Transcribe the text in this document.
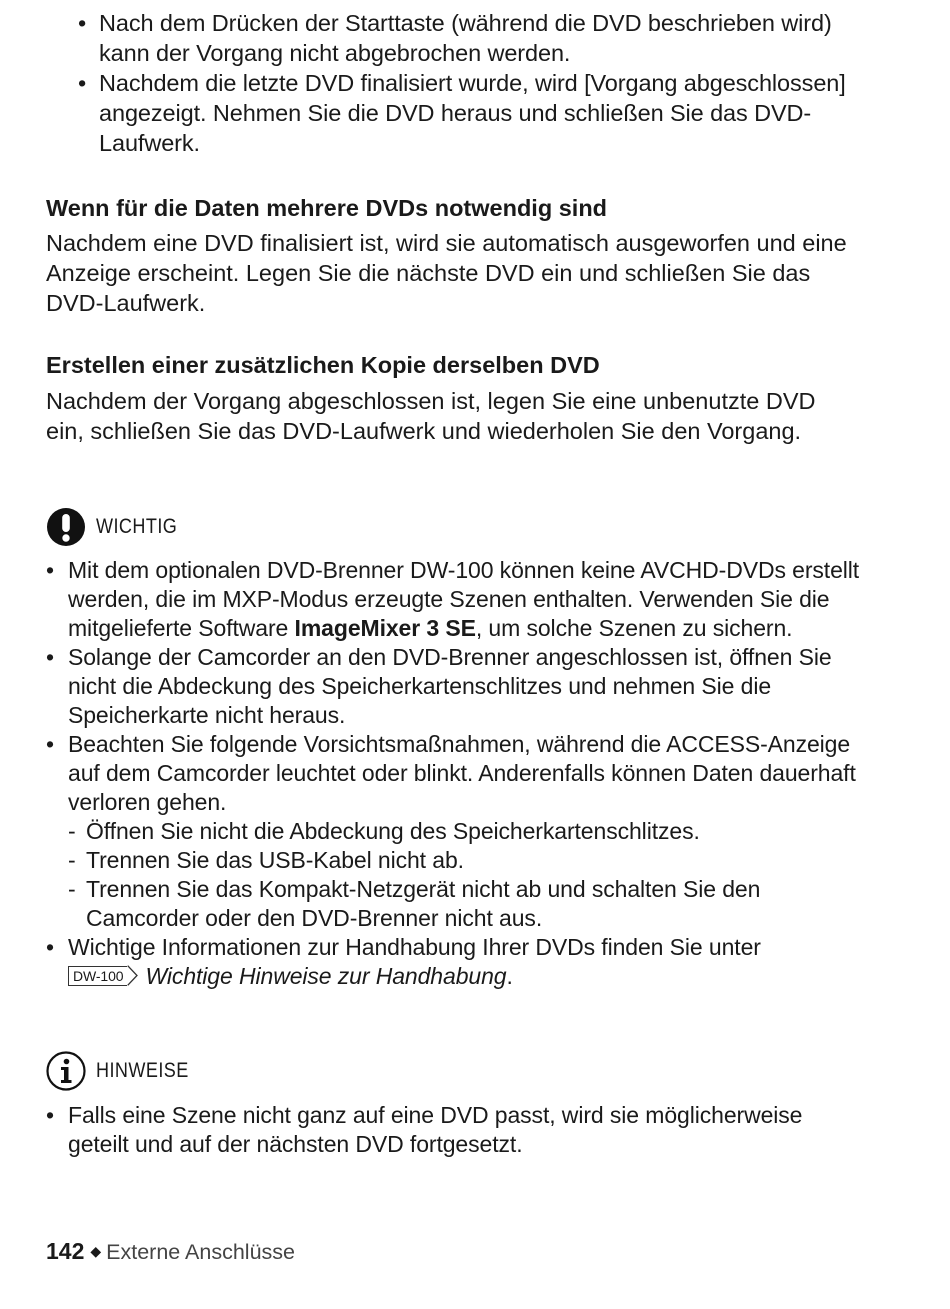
• Nach dem Drücken der Starttaste (während die DVD beschrieben wird) kann der Vorgang nicht abgebrochen werden.
• Nachdem die letzte DVD finalisiert wurde, wird [Vorgang abgeschlossen] angezeigt. Nehmen Sie die DVD heraus und schließen Sie das DVD-Laufwerk.
Wenn für die Daten mehrere DVDs notwendig sind
Nachdem eine DVD finalisiert ist, wird sie automatisch ausgeworfen und eine Anzeige erscheint. Legen Sie die nächste DVD ein und schließen Sie das DVD-Laufwerk.
Erstellen einer zusätzlichen Kopie derselben DVD
Nachdem der Vorgang abgeschlossen ist, legen Sie eine unbenutzte DVD ein, schließen Sie das DVD-Laufwerk und wiederholen Sie den Vorgang.
WICHTIG
• Mit dem optionalen DVD-Brenner DW-100 können keine AVCHD-DVDs erstellt werden, die im MXP-Modus erzeugte Szenen enthalten. Verwenden Sie die mitgelieferte Software ImageMixer 3 SE, um solche Szenen zu sichern.
• Solange der Camcorder an den DVD-Brenner angeschlossen ist, öffnen Sie nicht die Abdeckung des Speicherkartenschlitzes und nehmen Sie die Speicherkarte nicht heraus.
• Beachten Sie folgende Vorsichtsmaßnahmen, während die ACCESS-Anzeige auf dem Camcorder leuchtet oder blinkt. Anderenfalls können Daten dauerhaft verloren gehen.
- Öffnen Sie nicht die Abdeckung des Speicherkartenschlitzes.
- Trennen Sie das USB-Kabel nicht ab.
- Trennen Sie das Kompakt-Netzgerät nicht ab und schalten Sie den Camcorder oder den DVD-Brenner nicht aus.
• Wichtige Informationen zur Handhabung Ihrer DVDs finden Sie unter

DW-100 Wichtige Hinweise zur Handhabung.
HINWEISE
• Falls eine Szene nicht ganz auf eine DVD passt, wird sie möglicherweise geteilt und auf der nächsten DVD fortgesetzt.
142 ◆ Externe Anschlüsse
